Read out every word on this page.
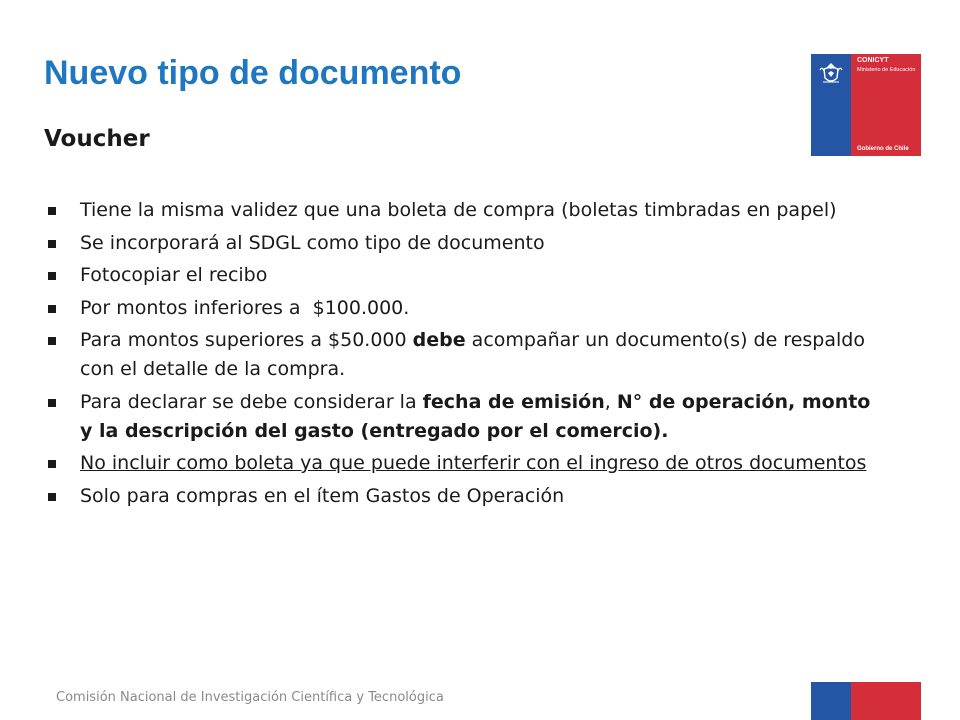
Nuevo tipo de documento
Voucher
CONICYT
Ministerio de Educación
Gobierno de Chile
Tiene la misma validez que una boleta de compra (boletas timbradas en papel)
Se incorporará al SDGL como tipo de documento
Fotocopiar el recibo
Por montos inferiores a  $100.000.
Para montos superiores a $50.000 debe acompañar un documento(s) de respaldo con el detalle de la compra.
Para declarar se debe considerar la fecha de emisión, N° de operación, monto y la descripción del gasto (entregado por el comercio).
No incluir como boleta ya que puede interferir con el ingreso de otros documentos
Solo para compras en el ítem Gastos de Operación
Comisión Nacional de Investigación Científica y Tecnológica
